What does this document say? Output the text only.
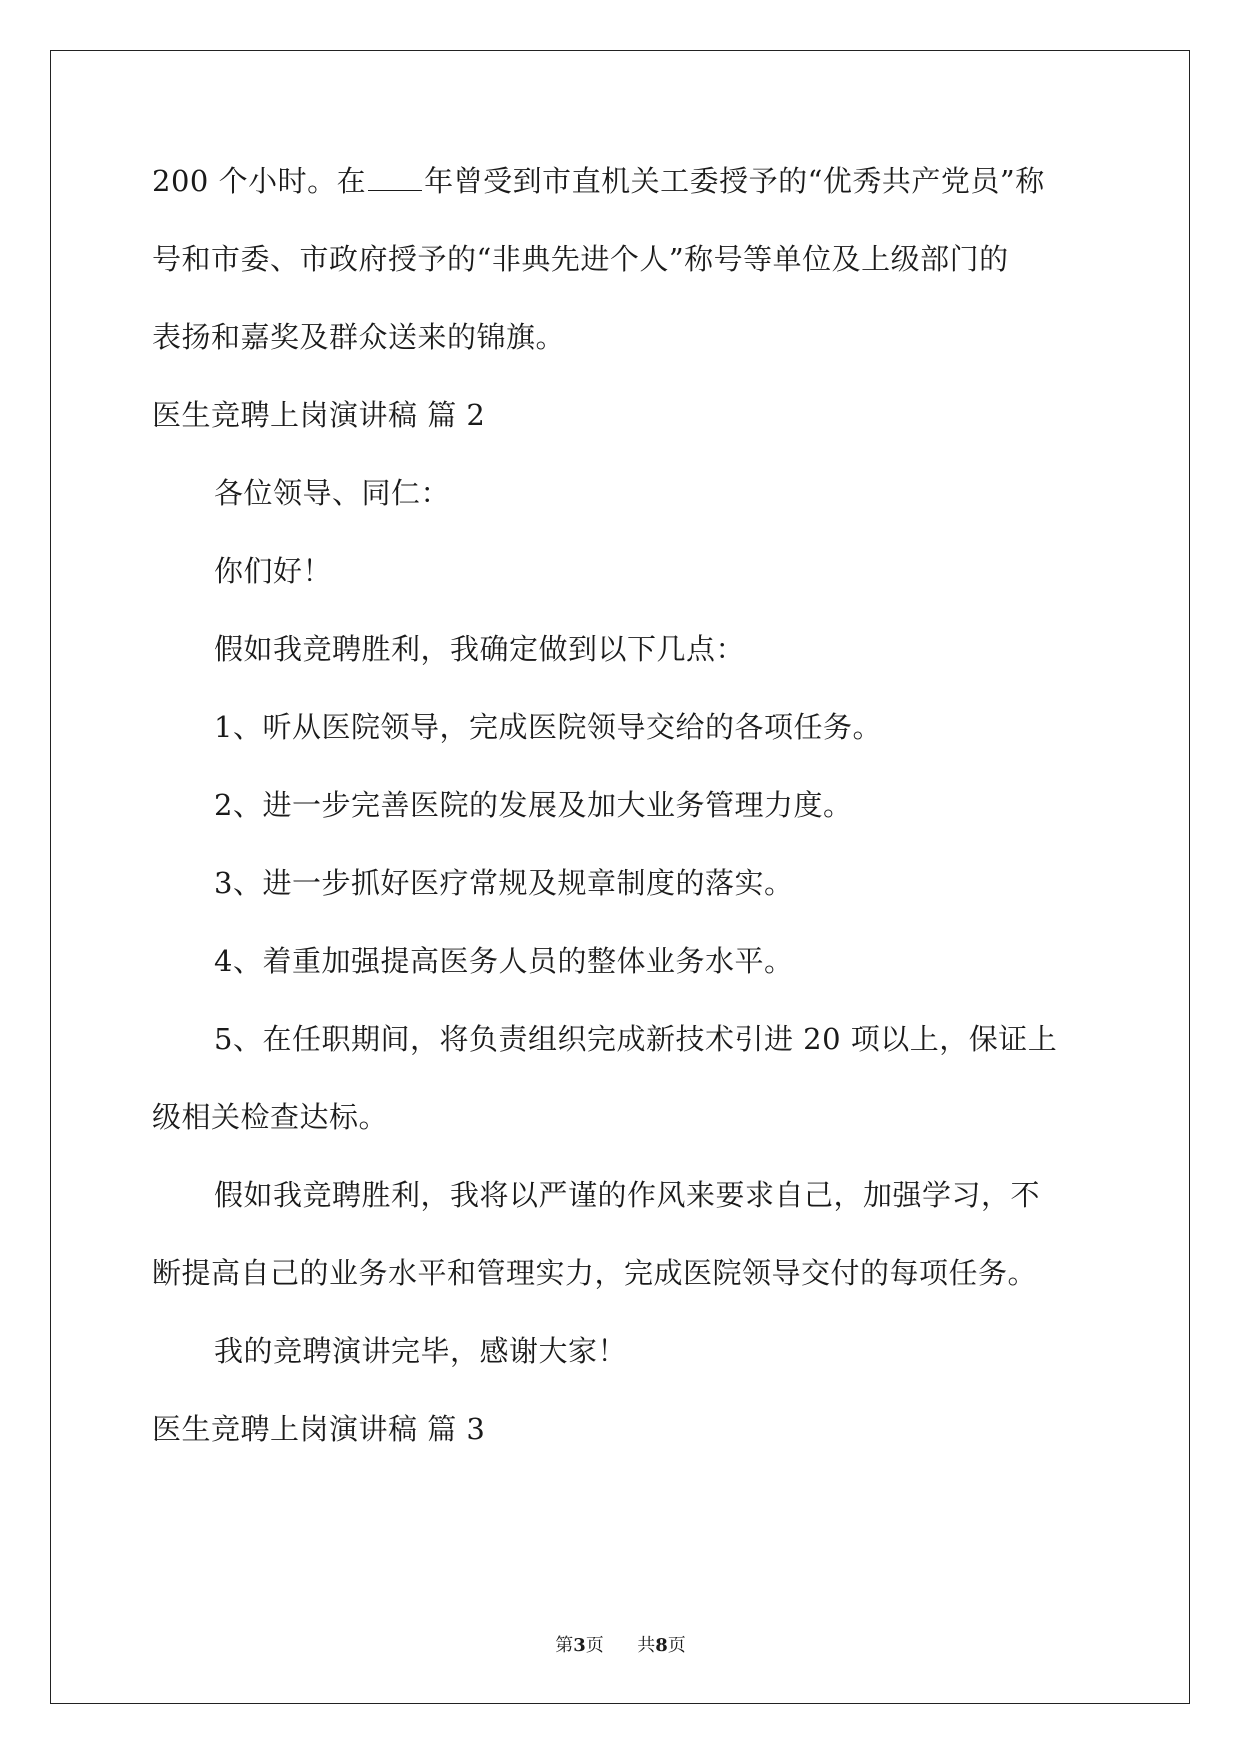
200 个小时。在 年曾受到市直机关工委授予的“优秀共产党员”称
号和市委、市政府授予的“非典先进个人”称号等单位及上级部门的
表扬和嘉奖及群众送来的锦旗。
医生竞聘上岗演讲稿 篇 2
各位领导、同仁：
你们好！
假如我竞聘胜利，我确定做到以下几点：
1、听从医院领导，完成医院领导交给的各项任务。
2、进一步完善医院的发展及加大业务管理力度。
3、进一步抓好医疗常规及规章制度的落实。
4、着重加强提高医务人员的整体业务水平。
5、在任职期间，将负责组织完成新技术引进 20 项以上，保证上
级相关检查达标。
假如我竞聘胜利，我将以严谨的作风来要求自己，加强学习，不
断提高自己的业务水平和管理实力，完成医院领导交付的每项任务。
我的竞聘演讲完毕，感谢大家！
医生竞聘上岗演讲稿 篇 3
第3页 共8页
